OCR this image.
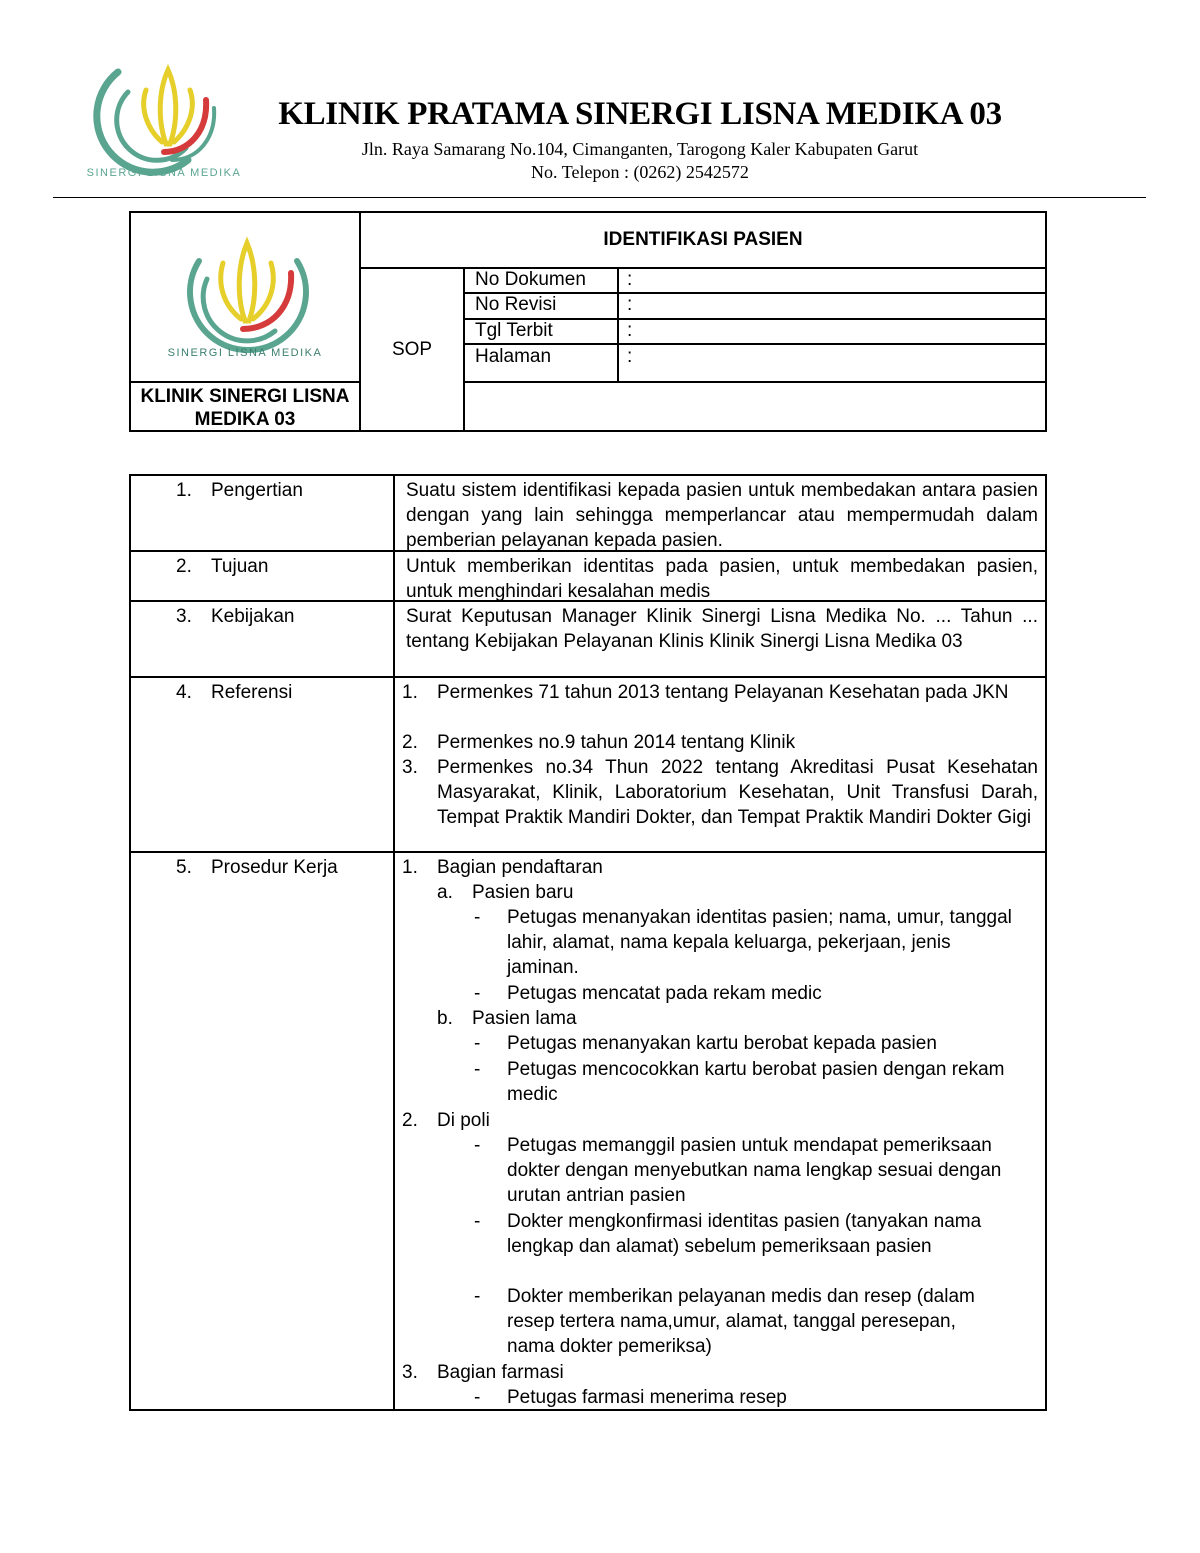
SINERGI LISNA MEDIKA
KLINIK PRATAMA SINERGI LISNA MEDIKA 03
Jln. Raya Samarang No.104, Cimanganten, Tarogong Kaler Kabupaten Garut
No. Telepon : (0262) 2542572
SINERGI LISNA MEDIKA
IDENTIFIKASI PASIEN
SOP
KLINIK SINERGI LISNA MEDIKA 03
No Dokumen :
No Revisi	:
Tgl Terbit	:
Halaman	:
1. Pengertian	Suatu sistem identifikasi kepada pasien untuk membedakan antara pasien dengan yang lain sehingga memperlancar atau mempermudah dalam pemberian pelayanan kepada pasien.
2. Tujuan	Untuk memberikan identitas pada pasien, untuk membedakan pasien, untuk menghindari kesalahan medis
3. Kebijakan	Surat Keputusan Manager Klinik Sinergi Lisna Medika No. ... Tahun ... tentang Kebijakan Pelayanan Klinis Klinik Sinergi Lisna Medika 03
4. Referensi	1. Permenkes 71 tahun 2013 tentang Pelayanan Kesehatan pada JKN
2. Permenkes no.9 tahun 2014 tentang Klinik
3. Permenkes no.34 Thun 2022 tentang Akreditasi Pusat Kesehatan Masyarakat, Klinik, Laboratorium Kesehatan, Unit Transfusi Darah, Tempat Praktik Mandiri Dokter, dan Tempat Praktik Mandiri Dokter Gigi
5. Prosedur Kerja	1. Bagian pendaftaran
a. Pasien baru
- Petugas menanyakan identitas pasien; nama, umur, tanggal lahir, alamat, nama kepala keluarga, pekerjaan, jenis jaminan.
- Petugas mencatat pada rekam medic
b. Pasien lama
- Petugas menanyakan kartu berobat kepada pasien
- Petugas mencocokkan kartu berobat pasien dengan rekam medic
2. Di poli
- Petugas memanggil pasien untuk mendapat pemeriksaan dokter dengan menyebutkan nama lengkap sesuai dengan urutan antrian pasien
- Dokter mengkonfirmasi identitas pasien (tanyakan nama lengkap dan alamat) sebelum pemeriksaan pasien
- Dokter memberikan pelayanan medis dan resep (dalam resep tertera nama,umur, alamat, tanggal peresepan, nama dokter pemeriksa)
3. Bagian farmasi
- Petugas farmasi menerima resep
